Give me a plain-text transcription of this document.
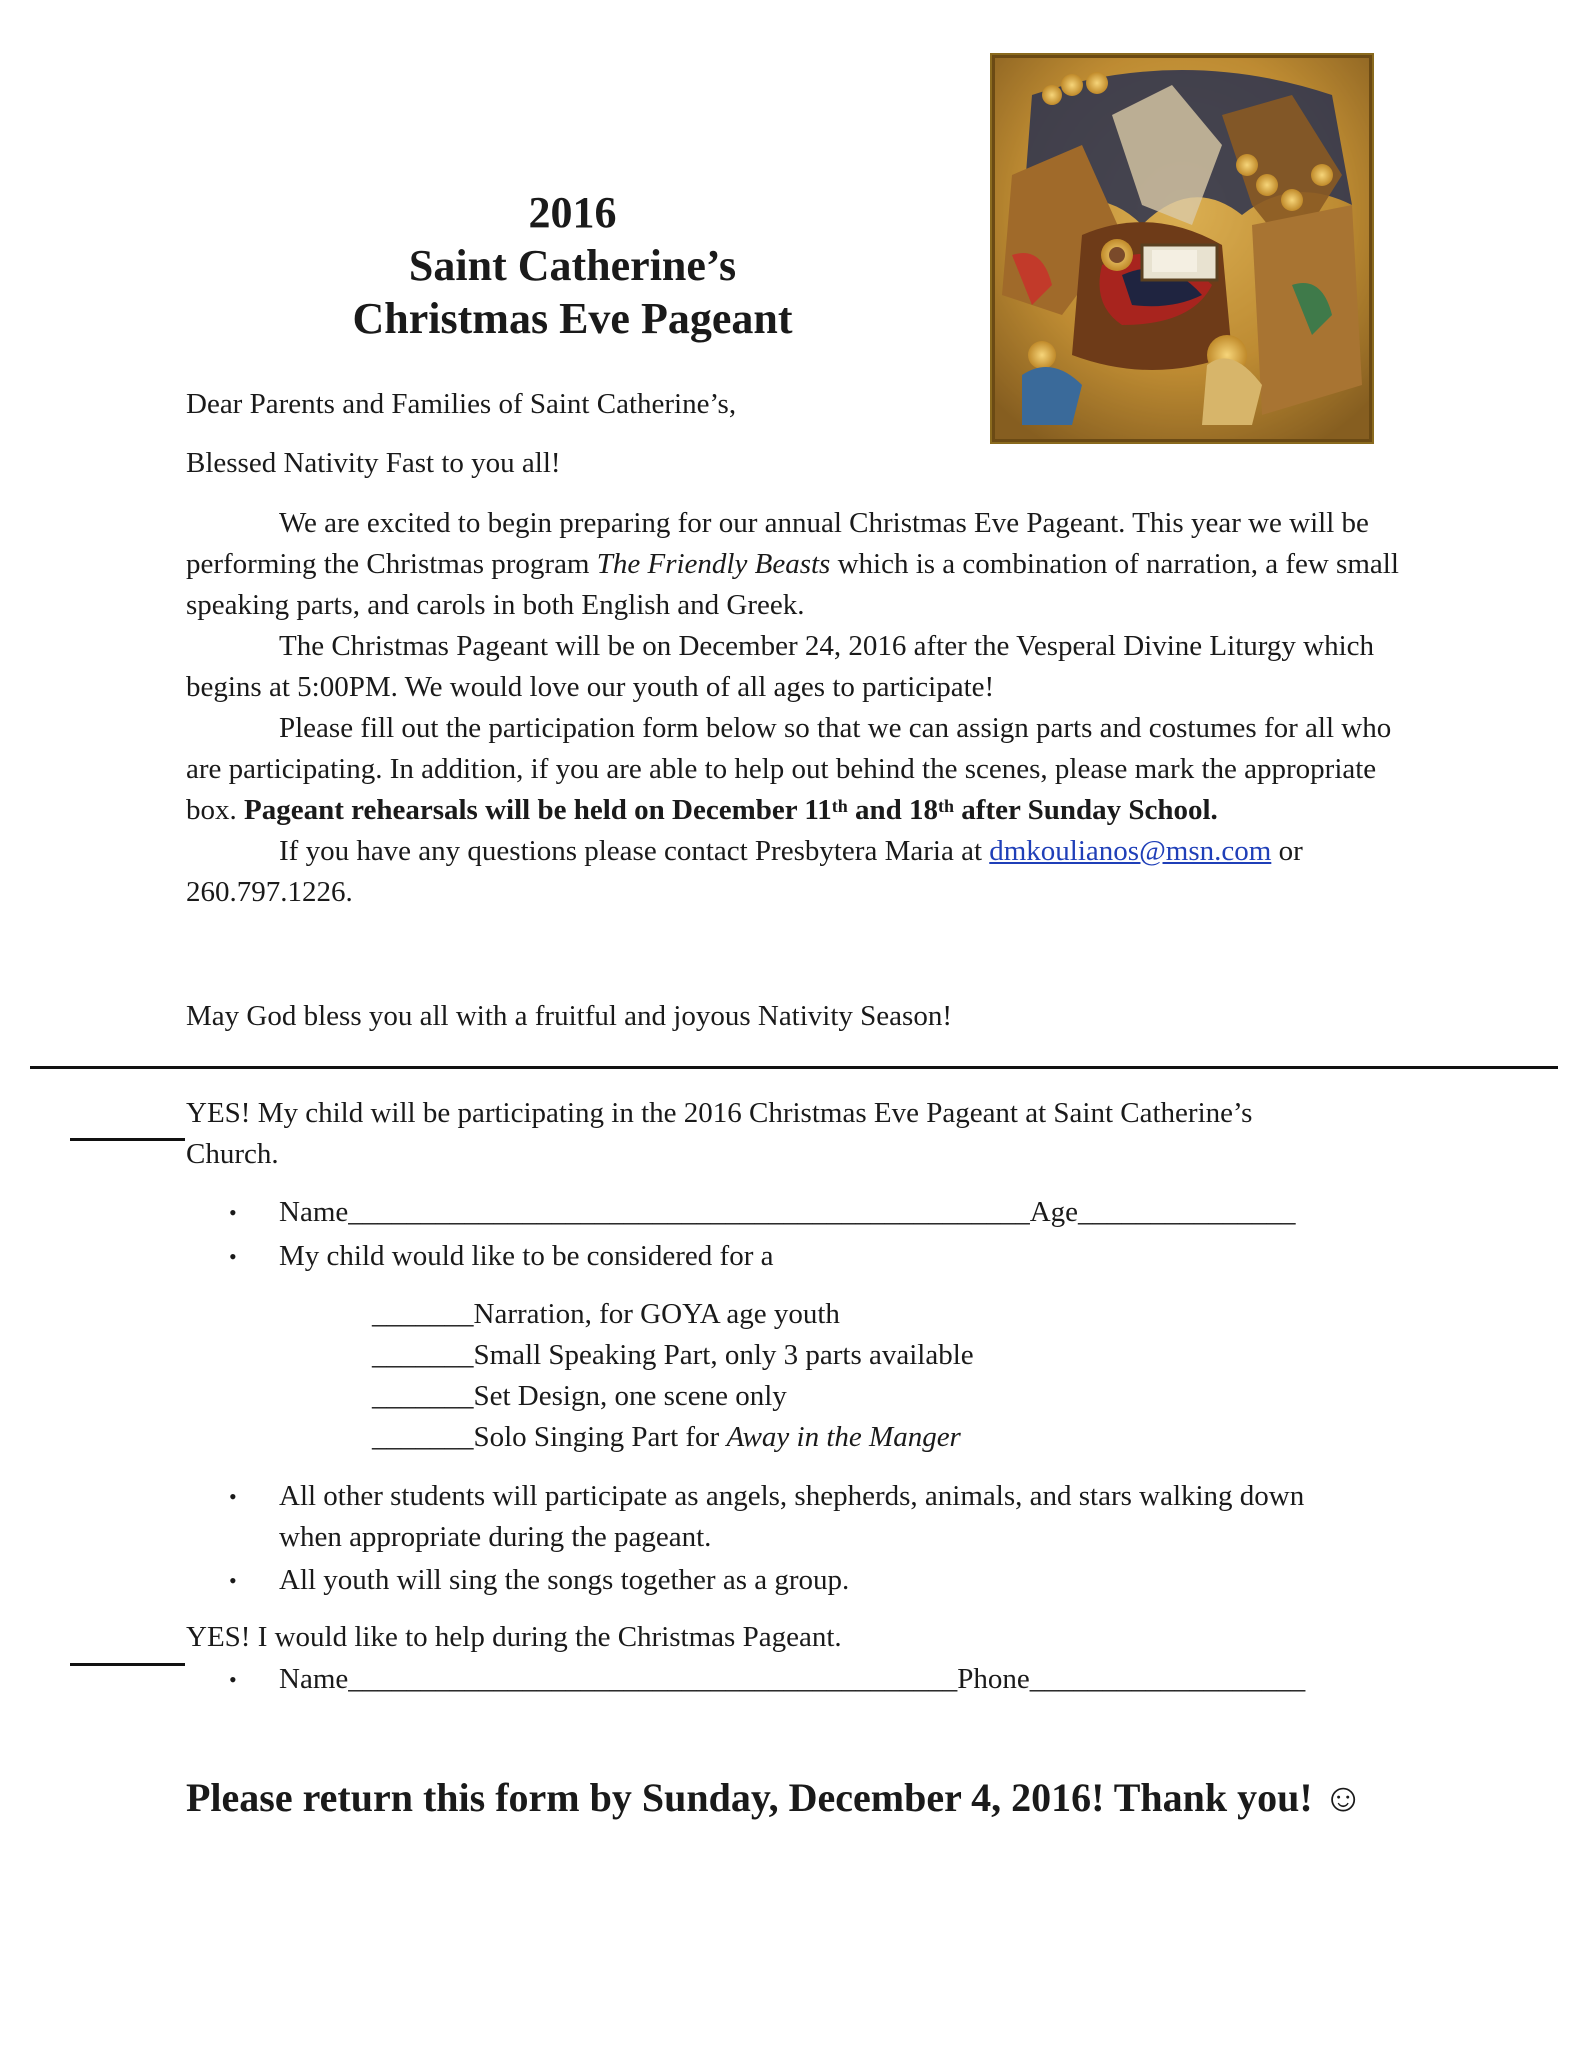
2016
Saint Catherine’s
Christmas Eve Pageant
Dear Parents and Families of Saint Catherine’s,
Blessed Nativity Fast to you all!
We are excited to begin preparing for our annual Christmas Eve Pageant. This year we will be performing the Christmas program The Friendly Beasts which is a combination of narration, a few small speaking parts, and carols in both English and Greek.
The Christmas Pageant will be on December 24, 2016 after the Vesperal Divine Liturgy which begins at 5:00PM. We would love our youth of all ages to participate!
Please fill out the participation form below so that we can assign parts and costumes for all who are participating. In addition, if you are able to help out behind the scenes, please mark the appropriate box. Pageant rehearsals will be held on December 11th and 18th after Sunday School.
If you have any questions please contact Presbytera Maria at dmkoulianos@msn.com or 260.797.1226.
May God bless you all with a fruitful and joyous Nativity Season!
YES! My child will be participating in the 2016 Christmas Eve Pageant at Saint Catherine’s
Church.
• Name_______________________________________________Age_______________
• My child would like to be considered for a
_______Narration, for GOYA age youth
_______Small Speaking Part, only 3 parts available
_______Set Design, one scene only
_______Solo Singing Part for Away in the Manger
• All other students will participate as angels, shepherds, animals, and stars walking down
when appropriate during the pageant.
• All youth will sing the songs together as a group.
YES! I would like to help during the Christmas Pageant.
• Name__________________________________________Phone___________________
Please return this form by Sunday, December 4, 2016! Thank you! ☺
